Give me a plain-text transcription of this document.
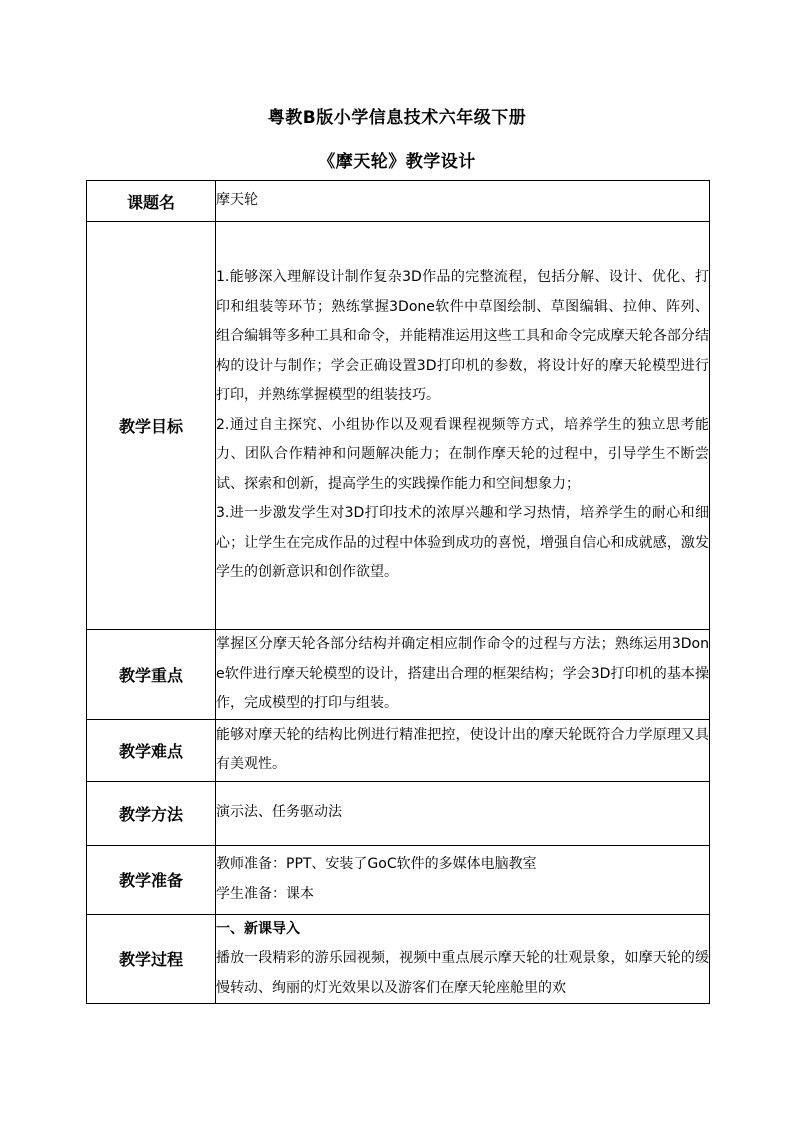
粤教B版小学信息技术六年级下册
《摩天轮》教学设计
课题名	摩天轮
教学目标	1.能够深入理解设计制作复杂3D作品的完整流程，包括分解、设计、优化、打印和组装等环节；熟练掌握3Done软件中草图绘制、草图编辑、拉伸、阵列、组合编辑等多种工具和命令，并能精准运用这些工具和命令完成摩天轮各部分结构的设计与制作；学会正确设置3D打印机的参数，将设计好的摩天轮模型进行打印，并熟练掌握模型的组装技巧。

2.通过自主探究、小组协作以及观看课程视频等方式，培养学生的独立思考能力、团队合作精神和问题解决能力；在制作摩天轮的过程中，引导学生不断尝试、探索和创新，提高学生的实践操作能力和空间想象力；

3.进一步激发学生对3D打印技术的浓厚兴趣和学习热情，培养学生的耐心和细心；让学生在完成作品的过程中体验到成功的喜悦，增强自信心和成就感，激发学生的创新意识和创作欲望。

教学重点	掌握区分摩天轮各部分结构并确定相应制作命令的过程与方法；熟练运用3Done软件进行摩天轮模型的设计，搭建出合理的框架结构；学会3D打印机的基本操作，完成模型的打印与组装。
教学难点	能够对摩天轮的结构比例进行精准把控，使设计出的摩天轮既符合力学原理又具有美观性。
教学方法	演示法、任务驱动法
教学准备	教师准备：PPT、安装了GoC软件的多媒体电脑教室

学生准备：课本

教学过程	一、新课导入

播放一段精彩的游乐园视频，视频中重点展示摩天轮的壮观景象，如摩天轮的缓慢转动、绚丽的灯光效果以及游客们在摩天轮座舱里的欢
